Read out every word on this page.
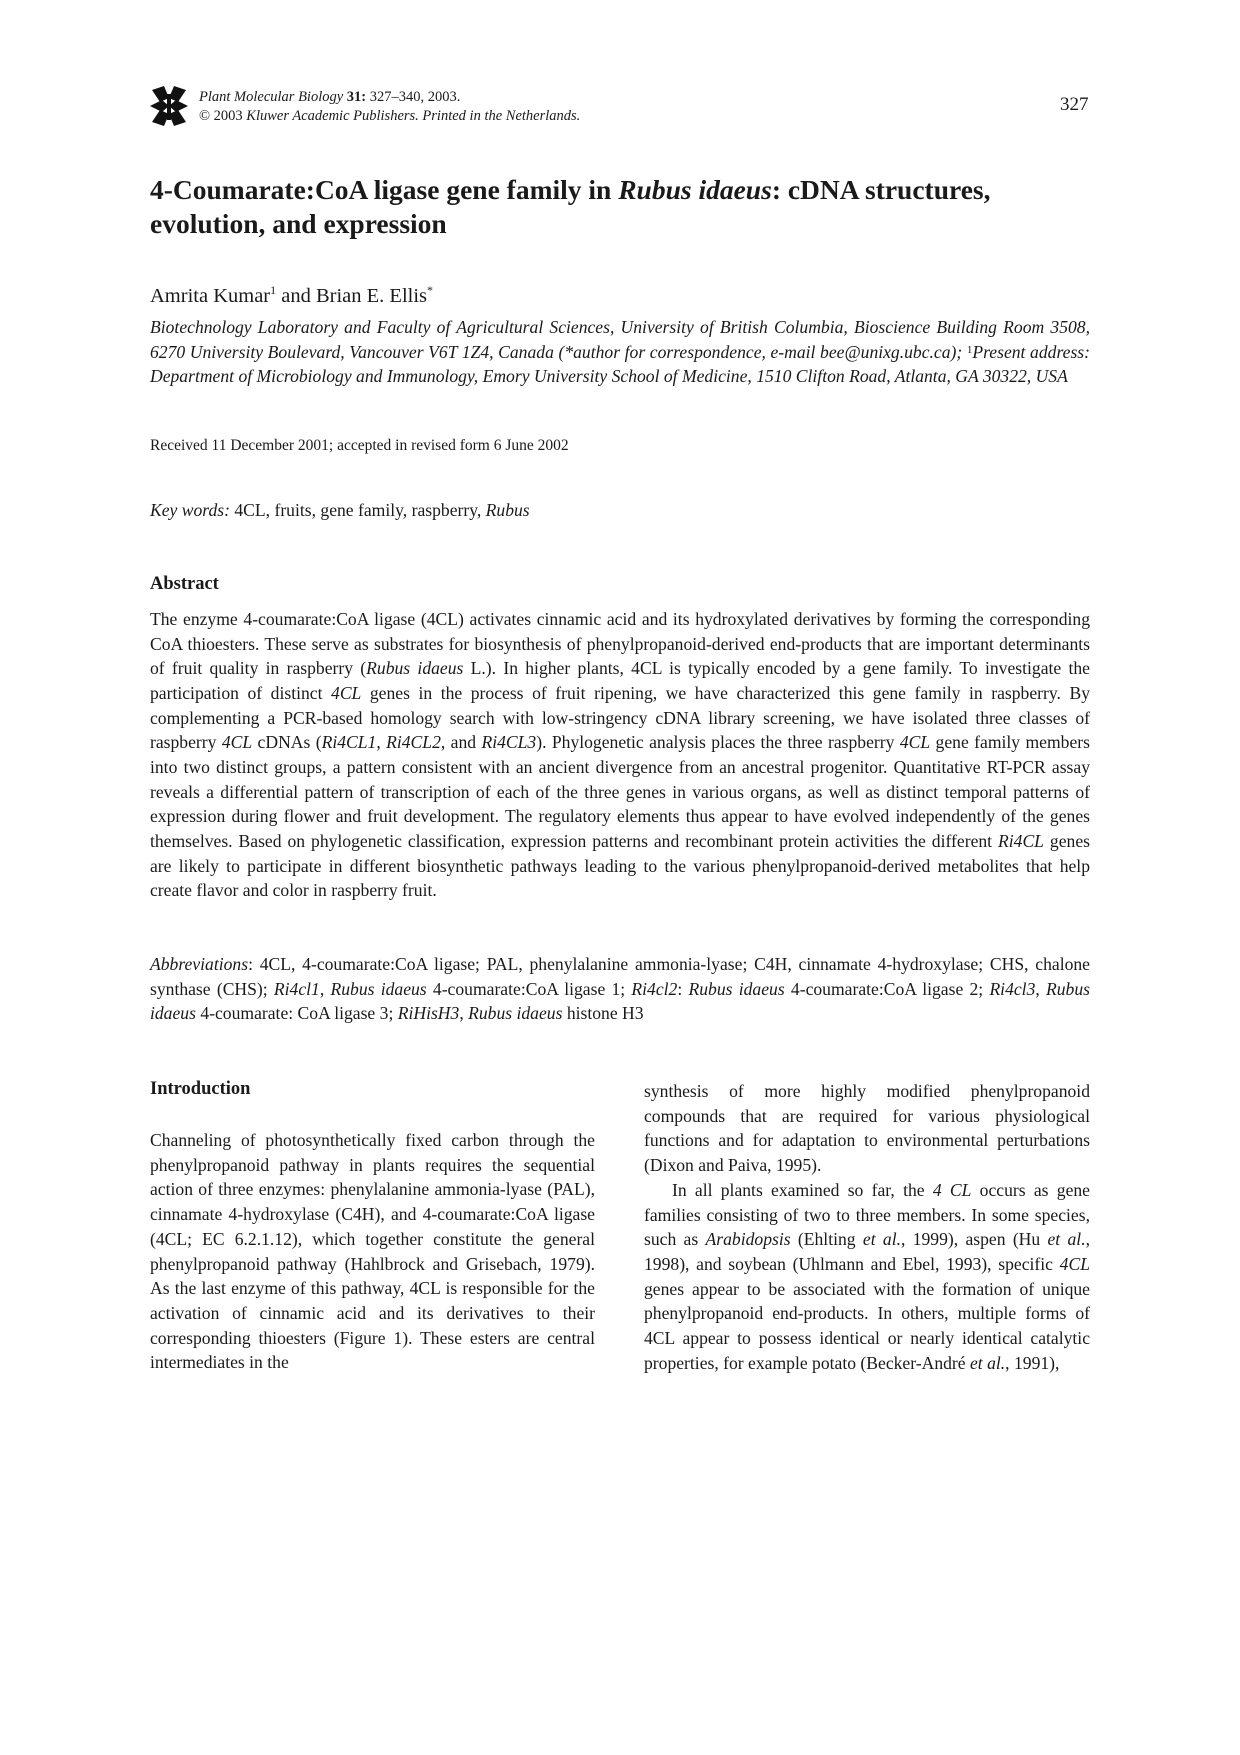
Plant Molecular Biology 31: 327–340, 2003.
© 2003 Kluwer Academic Publishers. Printed in the Netherlands.
327
4-Coumarate:CoA ligase gene family in Rubus idaeus: cDNA structures, evolution, and expression
Amrita Kumar$^1$ and Brian E. Ellis*
Biotechnology Laboratory and Faculty of Agricultural Sciences, University of British Columbia, Bioscience Building Room 3508, 6270 University Boulevard, Vancouver V6T 1Z4, Canada (*author for correspondence, e-mail bee@unixg.ubc.ca); $^1$Present address: Department of Microbiology and Immunology, Emory University School of Medicine, 1510 Clifton Road, Atlanta, GA 30322, USA
Received 11 December 2001; accepted in revised form 6 June 2002
Key words: 4CL, fruits, gene family, raspberry, Rubus
Abstract
The enzyme 4-coumarate:CoA ligase (4CL) activates cinnamic acid and its hydroxylated derivatives by forming the corresponding CoA thioesters. These serve as substrates for biosynthesis of phenylpropanoid-derived end-products that are important determinants of fruit quality in raspberry (Rubus idaeus L.). In higher plants, 4CL is typically encoded by a gene family. To investigate the participation of distinct 4CL genes in the process of fruit ripening, we have characterized this gene family in raspberry. By complementing a PCR-based homology search with low-stringency cDNA library screening, we have isolated three classes of raspberry 4CL cDNAs (Ri4CL1, Ri4CL2, and Ri4CL3). Phylogenetic analysis places the three raspberry 4CL gene family members into two distinct groups, a pattern consistent with an ancient divergence from an ancestral progenitor. Quantitative RT-PCR assay reveals a differential pattern of transcription of each of the three genes in various organs, as well as distinct temporal patterns of expression during flower and fruit development. The regulatory elements thus appear to have evolved independently of the genes themselves. Based on phylogenetic classification, expression patterns and recombinant protein activities the different Ri4CL genes are likely to participate in different biosynthetic pathways leading to the various phenylpropanoid-derived metabolites that help create flavor and color in raspberry fruit.
Abbreviations: 4CL, 4-coumarate:CoA ligase; PAL, phenylalanine ammonia-lyase; C4H, cinnamate 4-hydroxylase; CHS, chalone synthase (CHS); Ri4cl1, Rubus idaeus 4-coumarate:CoA ligase 1; Ri4cl2: Rubus idaeus 4-coumarate:CoA ligase 2; Ri4cl3, Rubus idaeus 4-coumarate: CoA ligase 3; RiHisH3, Rubus idaeus histone H3
Introduction

Channeling of photosynthetically fixed carbon through the phenylpropanoid pathway in plants requires the sequential action of three enzymes: phenylalanine ammonia-lyase (PAL), cinnamate 4-hydroxylase (C4H), and 4-coumarate:CoA ligase (4CL; EC 6.2.1.12), which together constitute the general phenylpropanoid pathway (Hahlbrock and Grisebach, 1979). As the last enzyme of this pathway, 4CL is responsible for the activation of cinnamic acid and its derivatives to their corresponding thioesters (Figure 1). These esters are central intermediates in the

synthesis of more highly modified phenylpropanoid compounds that are required for various physiological functions and for adaptation to environmental perturbations (Dixon and Paiva, 1995).

In all plants examined so far, the 4 CL occurs as gene families consisting of two to three members. In some species, such as Arabidopsis (Ehlting et al., 1999), aspen (Hu et al., 1998), and soybean (Uhlmann and Ebel, 1993), specific 4CL genes appear to be associated with the formation of unique phenylpropanoid end-products. In others, multiple forms of 4CL appear to possess identical or nearly identical catalytic properties, for example potato (Becker-André et al., 1991),
